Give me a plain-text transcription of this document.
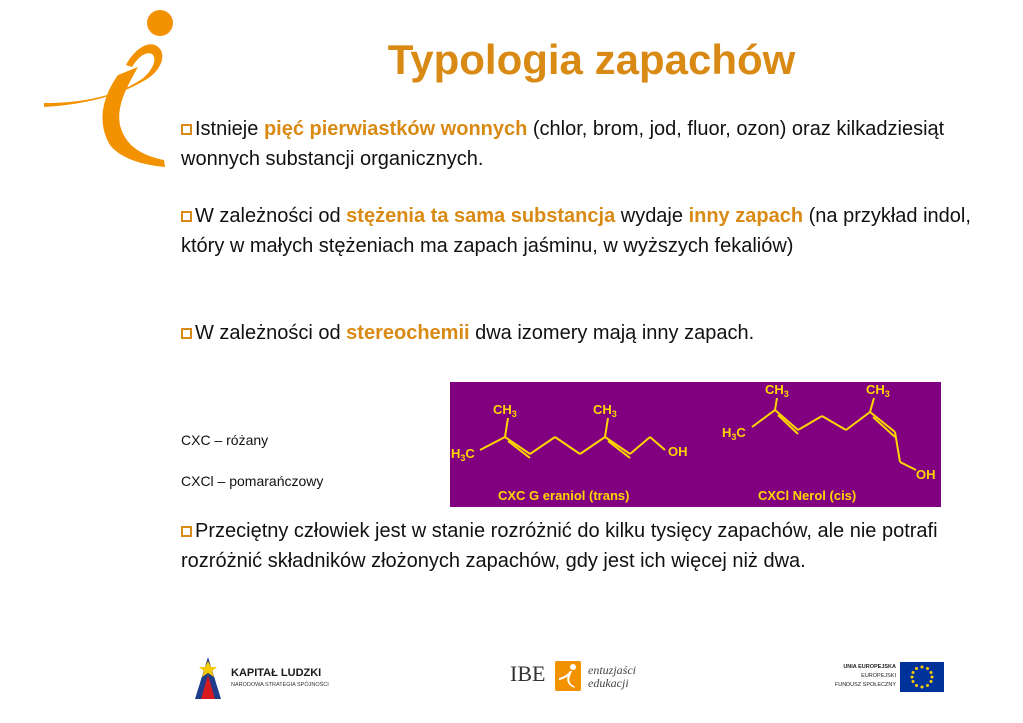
Typologia zapachów

Istnieje pięć pierwiastków wonnych (chlor, brom, jod, fluor, ozon) oraz kilkadziesiąt wonnych substancji organicznych.

W zależności od stężenia ta sama substancja wydaje inny zapach (na przykład indol, który w małych stężeniach ma zapach jaśminu, w wyższych fekaliów)

W zależności od stereochemii dwa izomery mają inny zapach.

CXC – różany

CXCl – pomarańczowy

$CH_3$	$CH_3$
$H_3C$	OH
$CH_3$	$CH_3$
$H_3C$
OH
CXC G eraniol (trans)	CXCl Nerol (cis)

Przeciętny człowiek jest w stanie rozróżnić do kilku tysięcy zapachów, ale nie potrafi rozróżnić składników złożonych zapachów, gdy jest ich więcej niż dwa.

KAPITAŁ LUDZKI
NARODOWA STRATEGIA SPÓJNOŚCI	IBE	entuzjaści
edukacji
UNIA EUROPEJSKA
EUROPEJSKI
FUNDUSZ SPOŁECZNY
